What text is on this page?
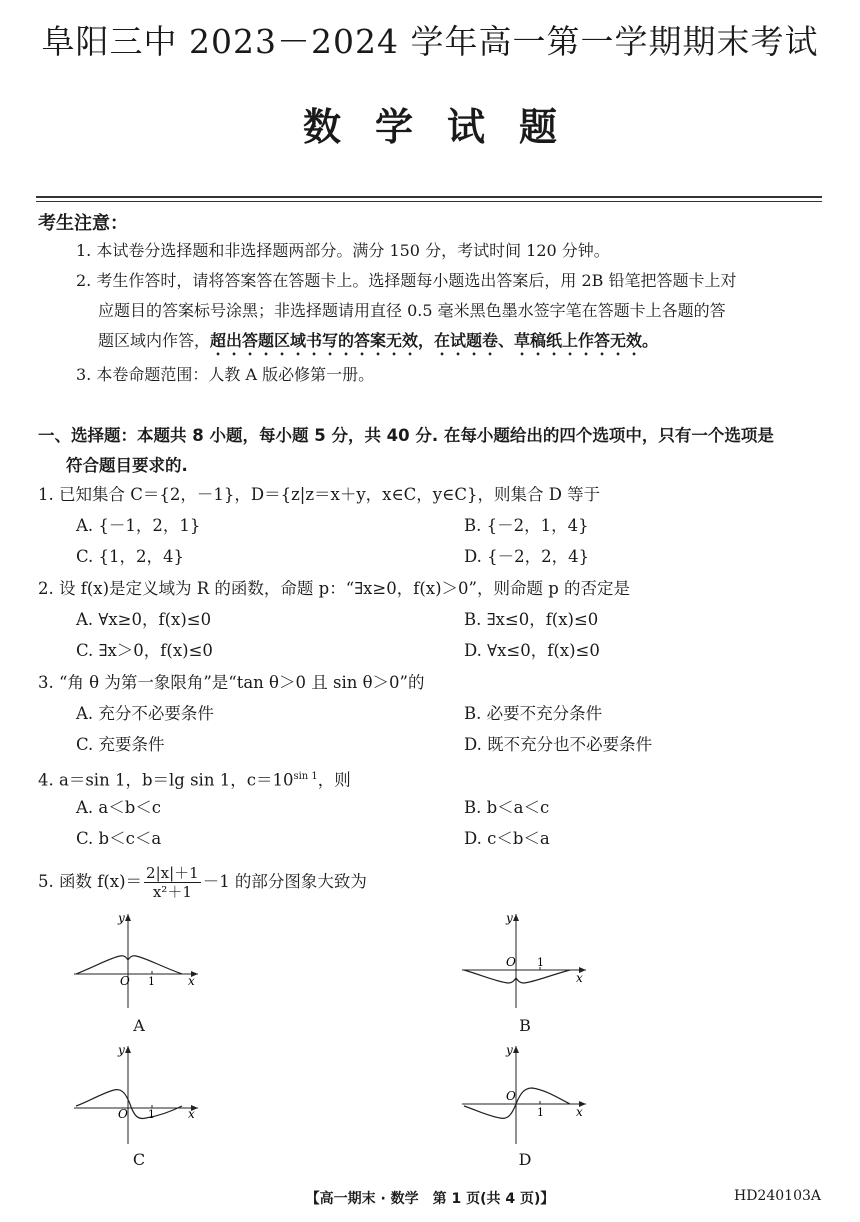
阜阳三中 2023－2024 学年高一第一学期期末考试
数学试题
考生注意：
1. 本试卷分选择题和非选择题两部分。满分 150 分，考试时间 120 分钟。
2. 考生作答时，请将答案答在答题卡上。选择题每小题选出答案后，用 2B 铅笔把答题卡上对
应题目的答案标号涂黑；非选择题请用直径 0.5 毫米黑色墨水签字笔在答题卡上各题的答
题区域内作答，超出答题区域书写的答案无效，在试题卷、草稿纸上作答无效。
3. 本卷命题范围：人教 A 版必修第一册。
一、选择题：本题共 8 小题，每小题 5 分，共 40 分. 在每小题给出的四个选项中，只有一个选项是
符合题目要求的.
1. 已知集合 C＝{2，－1}，D＝{z|z＝x＋y，x∈C，y∈C}，则集合 D 等于
A. {－1，2，1}	B. {－2，1，4}
C. {1，2，4}	D. {－2，2，4}
2. 设 f(x)是定义域为 R 的函数，命题 p：“∃x≥0，f(x)＞0”，则命题 p 的否定是
A. ∀x≥0，f(x)≤0	B. ∃x≤0，f(x)≤0
C. ∃x＞0，f(x)≤0	D. ∀x≤0，f(x)≤0
3. “角 θ 为第一象限角”是“tan θ＞0 且 sin θ＞0”的
A. 充分不必要条件	B. 必要不充分条件
C. 充要条件	D. 既不充分也不必要条件
4. a＝sin 1，b＝lg sin 1，$c=10^{sin 1}$，则
A. a＜b＜c	B. b＜a＜c
C. b＜c＜a	D. c＜b＜a
5. 函数 $f(x)= \frac{2|x|+1}{\text{x²＋1}} -1$ 的部分图象大致为
O 1	x
y
A
O 1
x
y
B
O 1	x
y
C
O
1	x
y
D
【高一期末 · 数学　第 1 页(共 4 页)】	HD240103A
